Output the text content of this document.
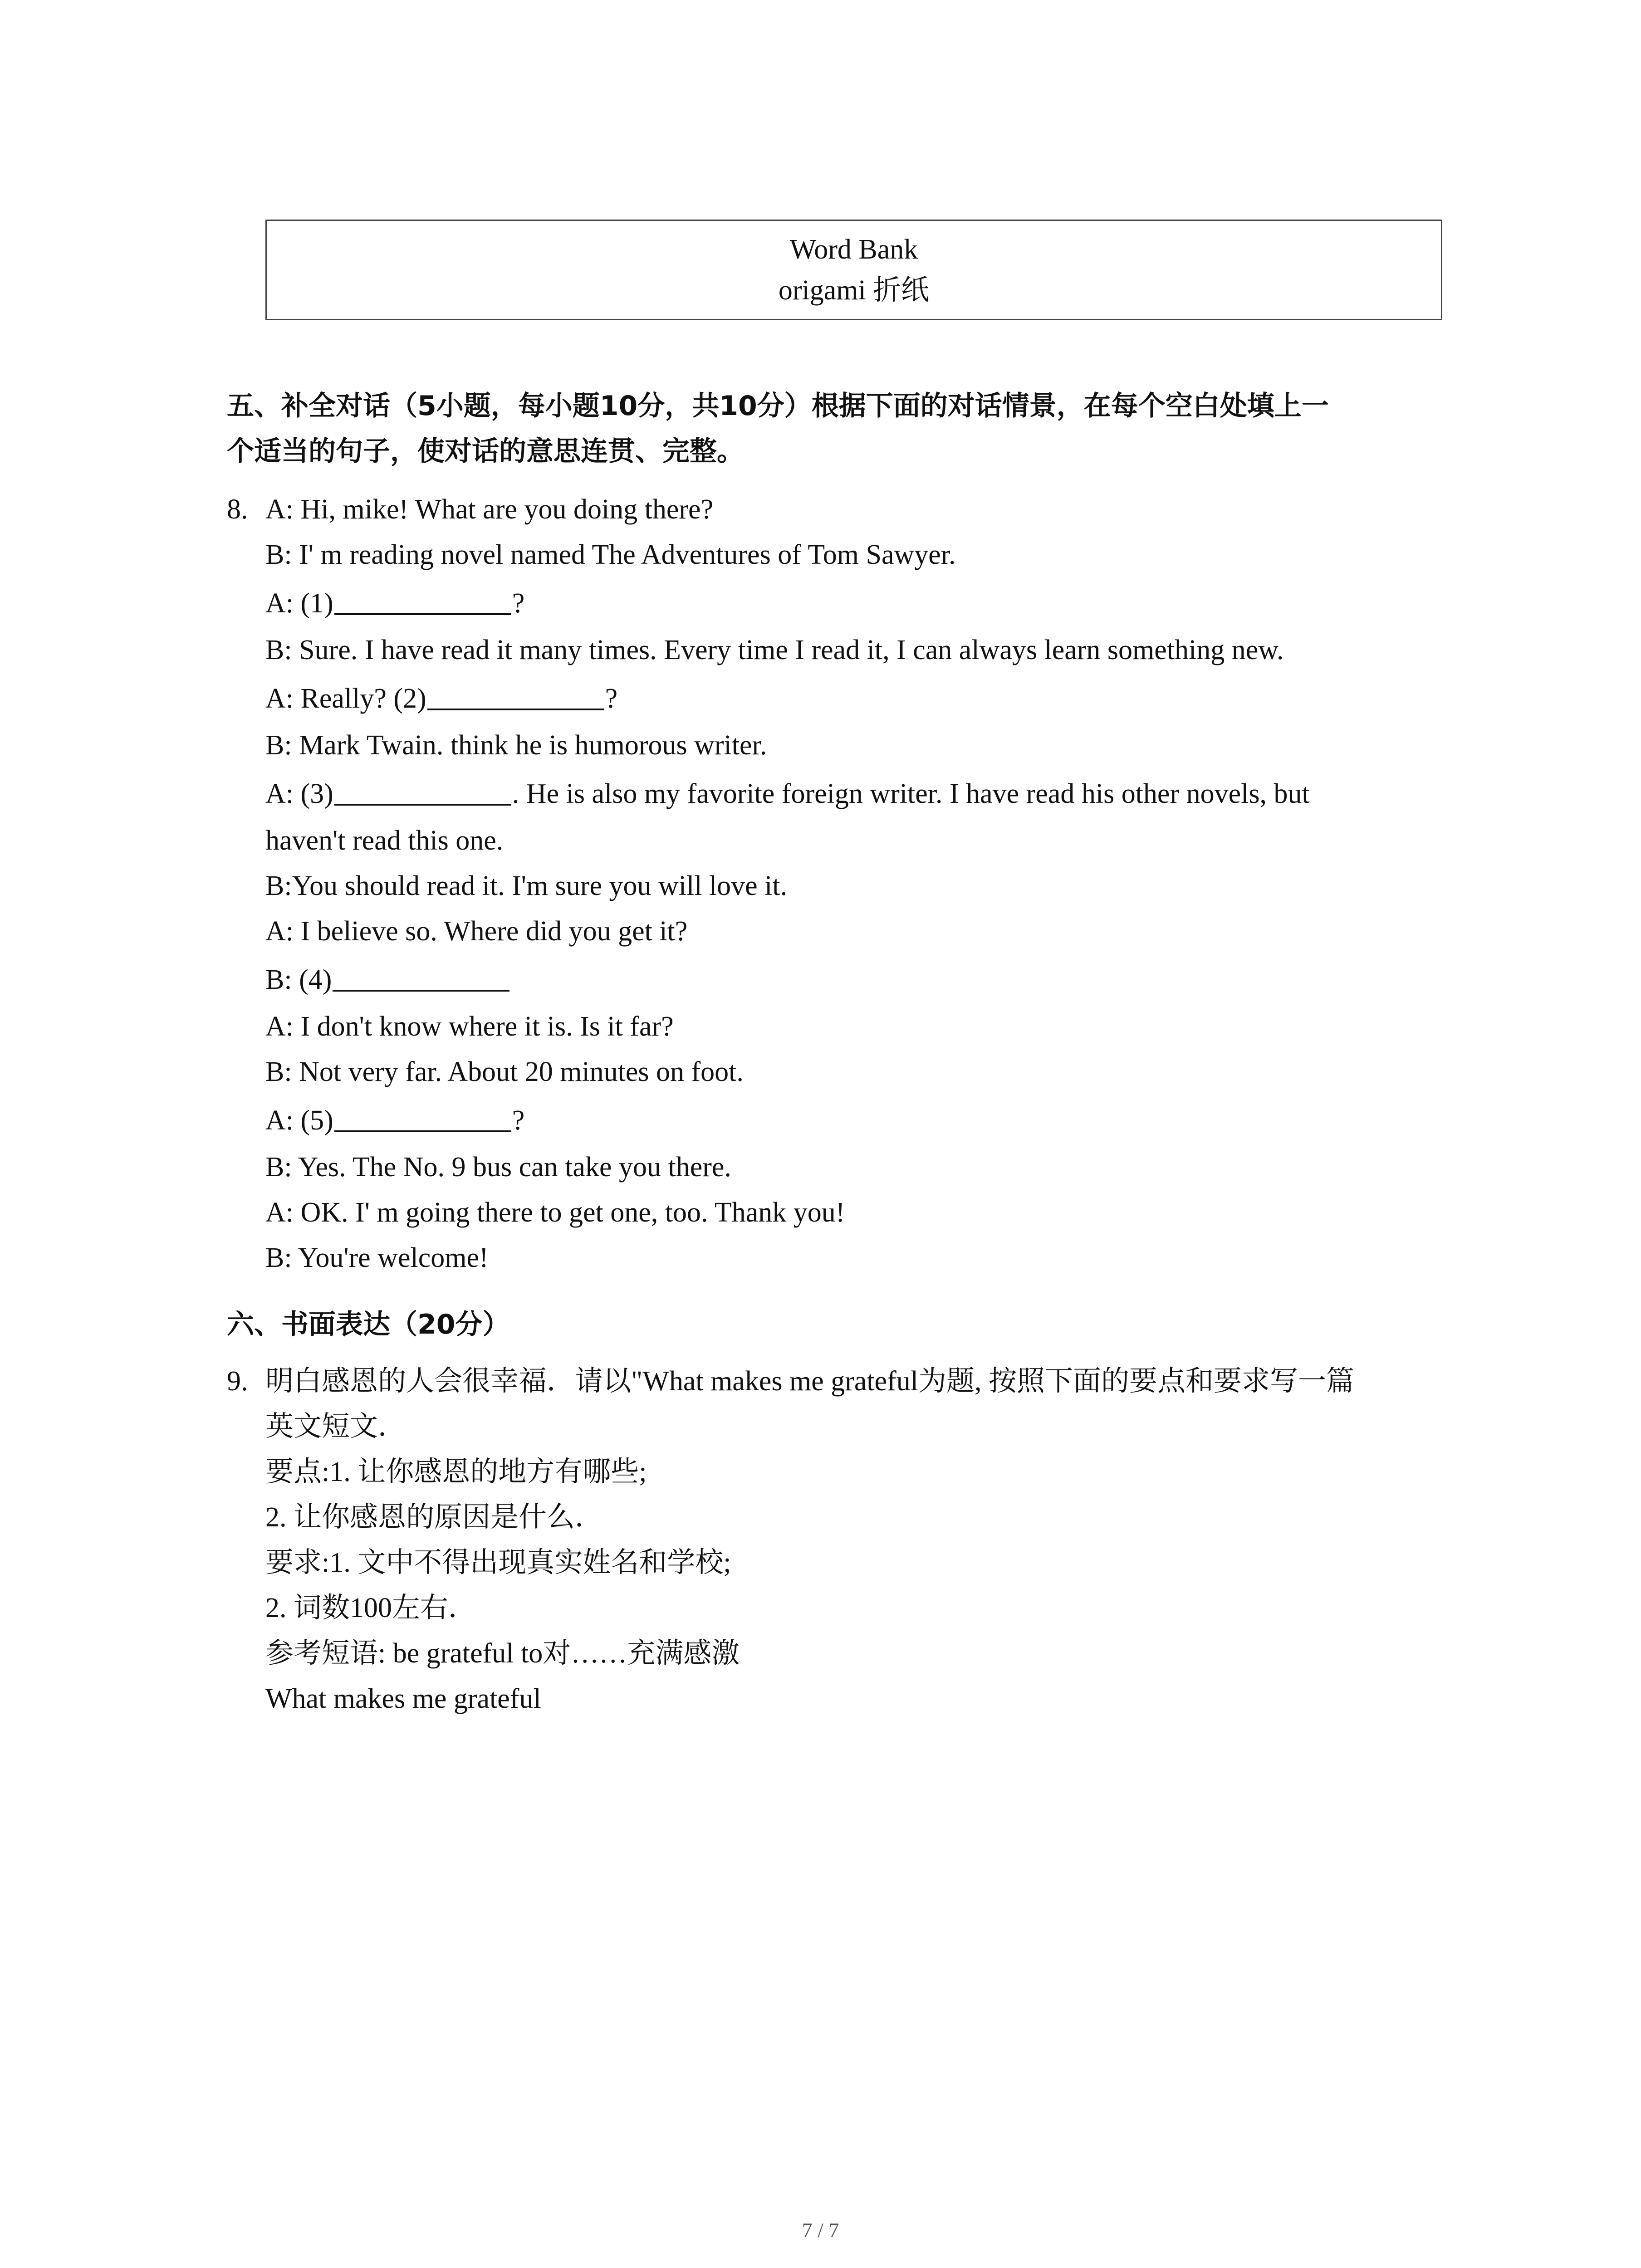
Word Bank
origami 折纸
五、补全对话（5小题，每小题10分，共10分）根据下面的对话情景，在每个空白处填上一
个适当的句子，使对话的意思连贯、完整。
8. A: Hi, mike! What are you doing there?
B: I' m reading novel named The Adventures of Tom Sawyer.
A: (1)	?
B: Sure. I have read it many times. Every time I read it, I can always learn something new.
A: Really? (2)	?
B: Mark Twain. think he is humorous writer.
A: (3)	. He is also my favorite foreign writer. I have read his other novels, but
haven't read this one.
B:You should read it. I'm sure you will love it.
A: I believe so. Where did you get it?
B: (4)
A: I don't know where it is. Is it far?
B: Not very far. About 20 minutes on foot.
A: (5)	?
B: Yes. The No. 9 bus can take you there.
A: OK. I' m going there to get one, too. Thank you!
B: You're welcome!
六、书面表达（20分）
9. 明白感恩的人会很幸福．请以"What makes me grateful为题, 按照下面的要点和要求写一篇
英文短文．
要点:1. 让你感恩的地方有哪些;
2. 让你感恩的原因是什么．
要求:1. 文中不得出现真实姓名和学校;
2. 词数100左右．
参考短语: be grateful to对……充满感激
What makes me grateful
7 / 7
